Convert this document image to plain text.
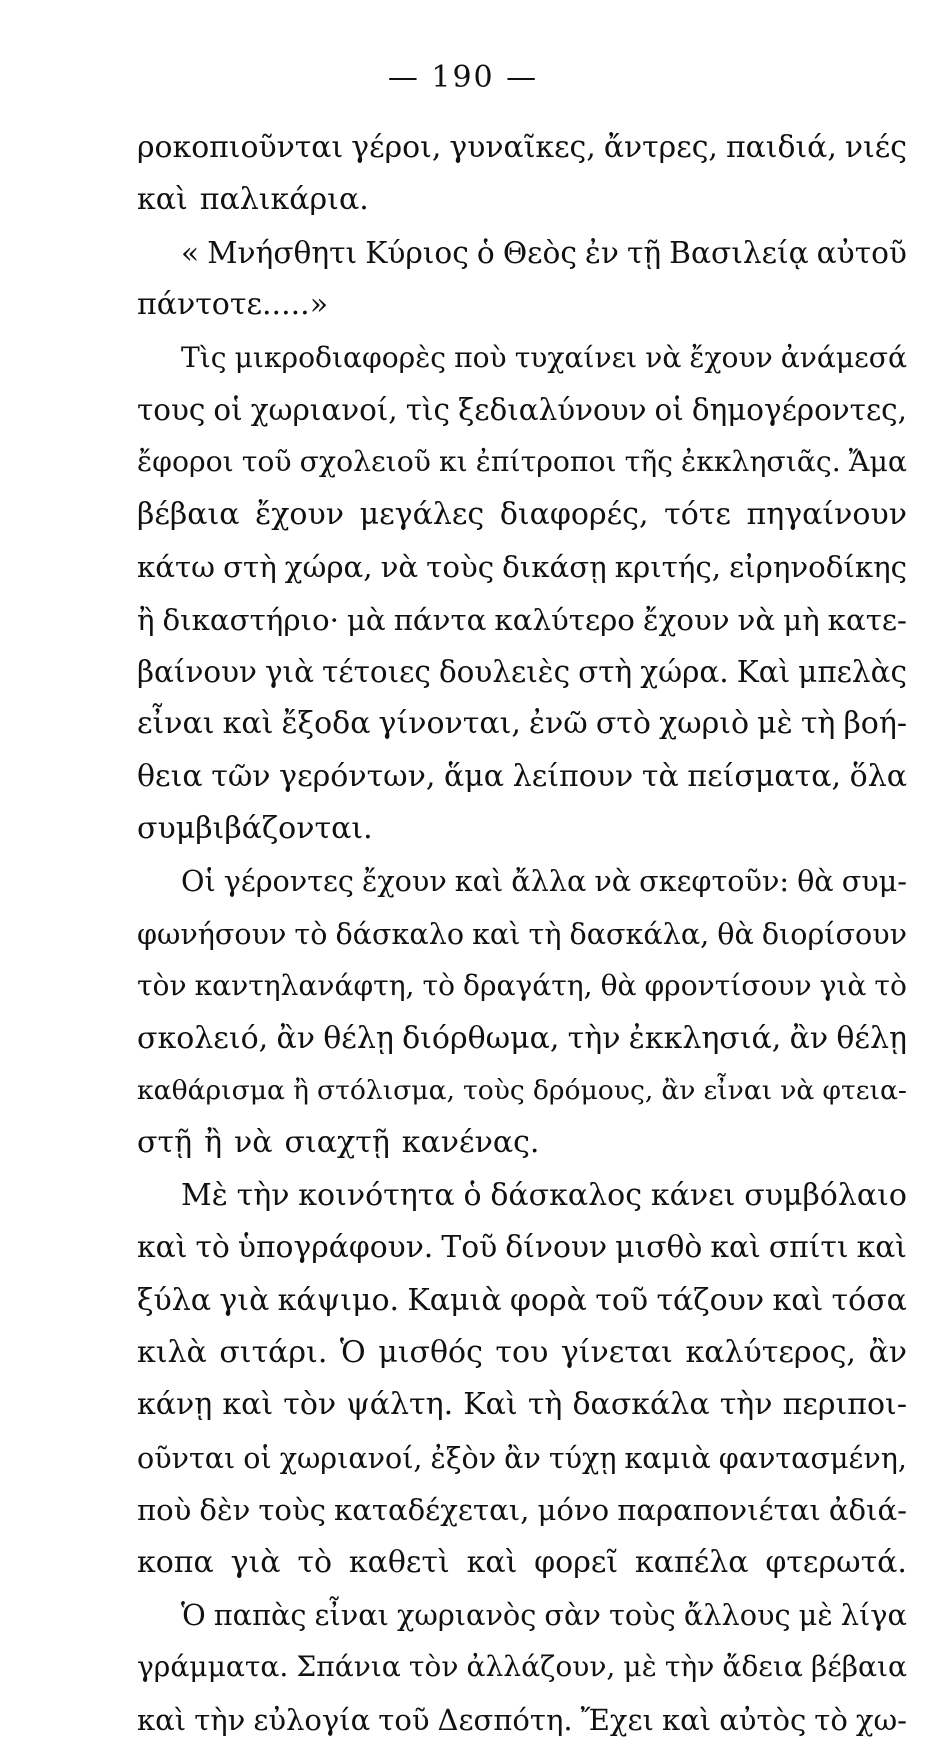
— 190 —
ροκοπιοῦνται γέροι, γυναῖκες, ἄντρες, παιδιά, νιές
καὶ παλικάρια.
« Μνήσθητι Κύριος ὁ Θεὸς ἐν τῇ Βασιλείᾳ αὐτοῦ
πάντοτε.....»
Τὶς μικροδιαφορὲς ποὺ τυχαίνει νὰ ἔχουν ἀνάμεσά
τους οἱ χωριανοί, τὶς ξεδιαλύνουν οἱ δημογέροντες,
ἔφοροι τοῦ σχολειοῦ κι ἐπίτροποι τῆς ἐκκλησιᾶς. Ἄμα
βέβαια ἔχουν μεγάλες διαφορές, τότε πηγαίνουν
κάτω στὴ χώρα, νὰ τοὺς δικάσῃ κριτής, εἰρηνοδίκης
ἢ δικαστήριο· μὰ πάντα καλύτερο ἔχουν νὰ μὴ κατε-
βαίνουν γιὰ τέτοιες δουλειὲς στὴ χώρα. Καὶ μπελὰς
εἶναι καὶ ἔξοδα γίνονται, ἐνῶ στὸ χωριὸ μὲ τὴ βοή-
θεια τῶν γερόντων, ἅμα λείπουν τὰ πείσματα, ὅλα
συμβιβάζονται.
Οἱ γέροντες ἔχουν καὶ ἄλλα νὰ σκεφτοῦν: θὰ συμ-
φωνήσουν τὸ δάσκαλο καὶ τὴ δασκάλα, θὰ διορίσουν
τὸν καντηλανάφτη, τὸ δραγάτη, θὰ φροντίσουν γιὰ τὸ
σκολειό, ἂν θέλῃ διόρθωμα, τὴν ἐκκλησιά, ἂν θέλῃ
καθάρισμα ἢ στόλισμα, τοὺς δρόμους, ἂν εἶναι νὰ φτεια-
στῇ ἢ νὰ σιαχτῇ κανένας.
Μὲ τὴν κοινότητα ὁ δάσκαλος κάνει συμβόλαιο
καὶ τὸ ὑπογράφουν. Τοῦ δίνουν μισθὸ καὶ σπίτι καὶ
ξύλα γιὰ κάψιμο. Καμιὰ φορὰ τοῦ τάζουν καὶ τόσα
κιλὰ σιτάρι. Ὁ μισθός του γίνεται καλύτερος, ἂν
κάνῃ καὶ τὸν ψάλτη. Καὶ τὴ δασκάλα τὴν περιποι-
οῦνται οἱ χωριανοί, ἐξὸν ἂν τύχῃ καμιὰ φαντασμένη,
ποὺ δὲν τοὺς καταδέχεται, μόνο παραπονιέται ἀδιά-
κοπα γιὰ τὸ καθετὶ καὶ φορεῖ καπέλα φτερωτά.
Ὁ παπὰς εἶναι χωριανὸς σὰν τοὺς ἄλλους μὲ λίγα
γράμματα. Σπάνια τὸν ἀλλάζουν, μὲ τὴν ἄδεια βέβαια
καὶ τὴν εὐλογία τοῦ Δεσπότη. Ἔχει καὶ αὐτὸς τὸ χω-
